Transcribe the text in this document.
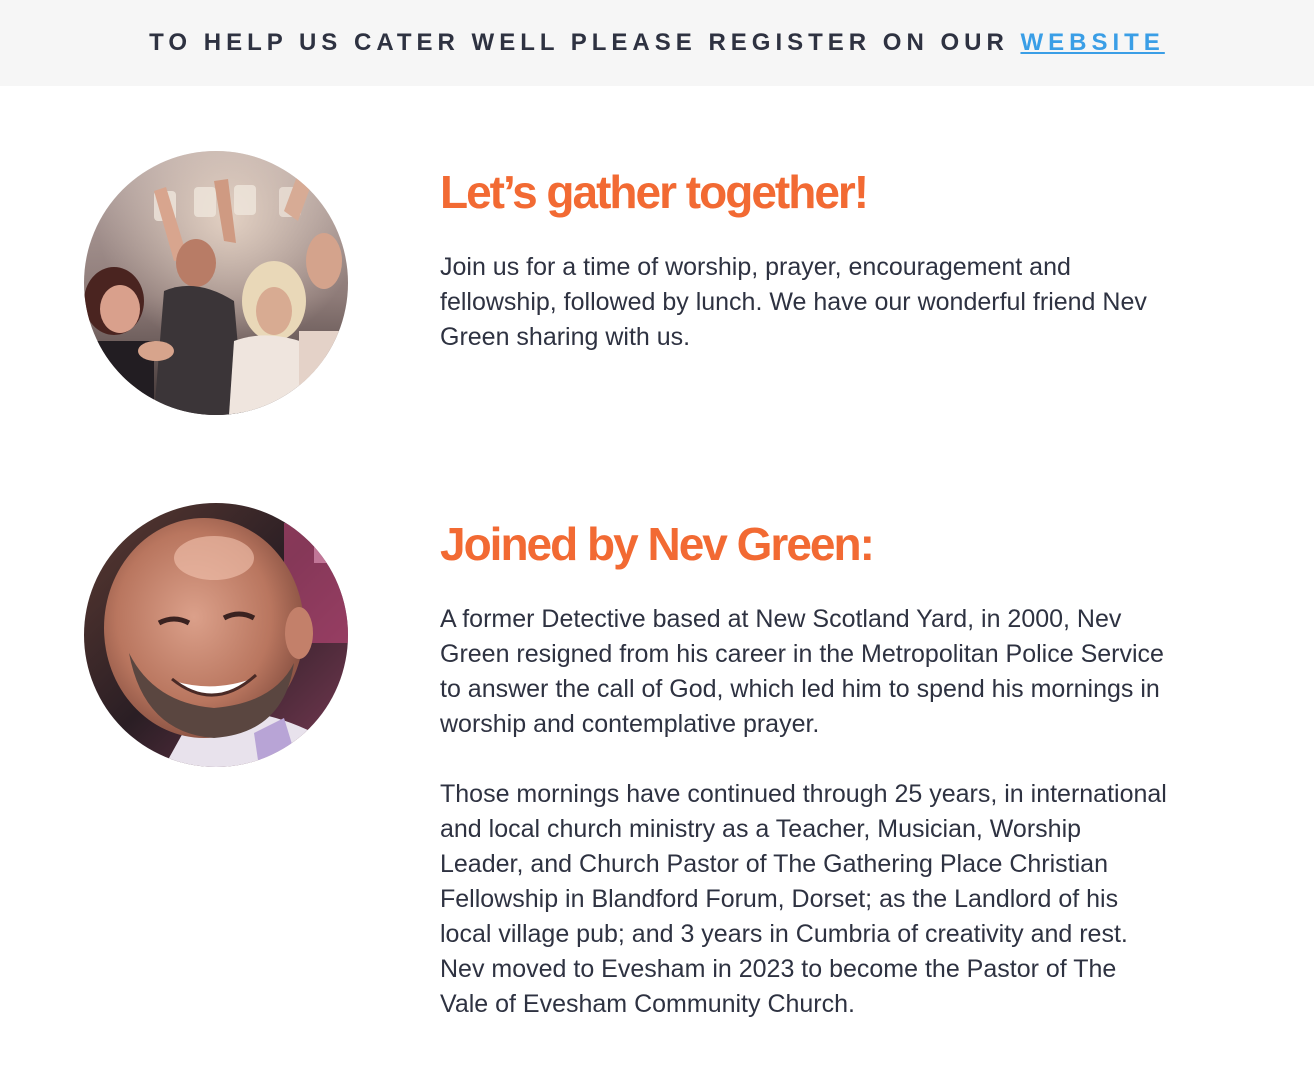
TO HELP US CATER WELL PLEASE REGISTER ON OUR WEBSITE
Let’s gather together!

Join us for a time of worship, prayer, encouragement and fellowship, followed by lunch. We have our wonderful friend Nev Green sharing with us.

Joined by Nev Green:

A former Detective based at New Scotland Yard, in 2000, Nev Green resigned from his career in the Metropolitan Police Service to answer the call of God, which led him to spend his mornings in worship and contemplative prayer.

Those mornings have continued through 25 years, in international and local church ministry as a Teacher, Musician, Worship Leader, and Church Pastor of The Gathering Place Christian Fellowship in Blandford Forum, Dorset; as the Landlord of his local village pub; and 3 years in Cumbria of creativity and rest. Nev moved to Evesham in 2023 to become the Pastor of The Vale of Evesham Community Church.
